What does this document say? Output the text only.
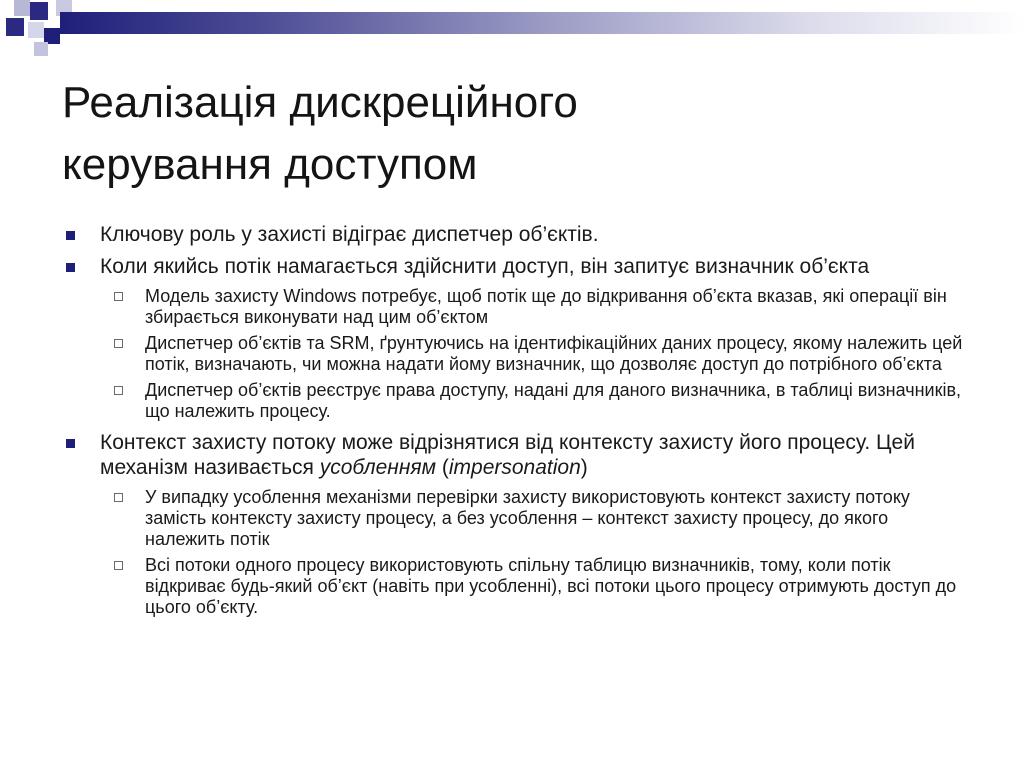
Реалізація дискреційного
керування доступом
Ключову роль у захисті відіграє диспетчер об’єктів.
Коли якийсь потік намагається здійснити доступ, він запитує визначник об’єкта
Модель захисту Windows потребує, щоб потік ще до відкривання об’єкта вказав, які операції він збирається виконувати над цим об’єктом
Диспетчер об’єктів та SRM, ґрунтуючись на ідентифікаційних даних процесу, якому належить цей потік, визначають, чи можна надати йому визначник, що дозволяє доступ до потрібного об’єкта
Диспетчер об’єктів реєструє права доступу, надані для даного визначника, в таблиці визначників, що належить процесу.
Контекст захисту потоку може відрізнятися від контексту захисту його процесу. Цей механізм називається усобленням (impersonation)
У випадку усоблення механізми перевірки захисту використовують контекст захисту потоку замість контексту захисту процесу, а без усоблення – контекст захисту процесу, до якого належить потік
Всі потоки одного процесу використовують спільну таблицю визначників, тому, коли потік відкриває будь-який об’єкт (навіть при усобленні), всі потоки цього процесу отримують доступ до цього об’єкту.
